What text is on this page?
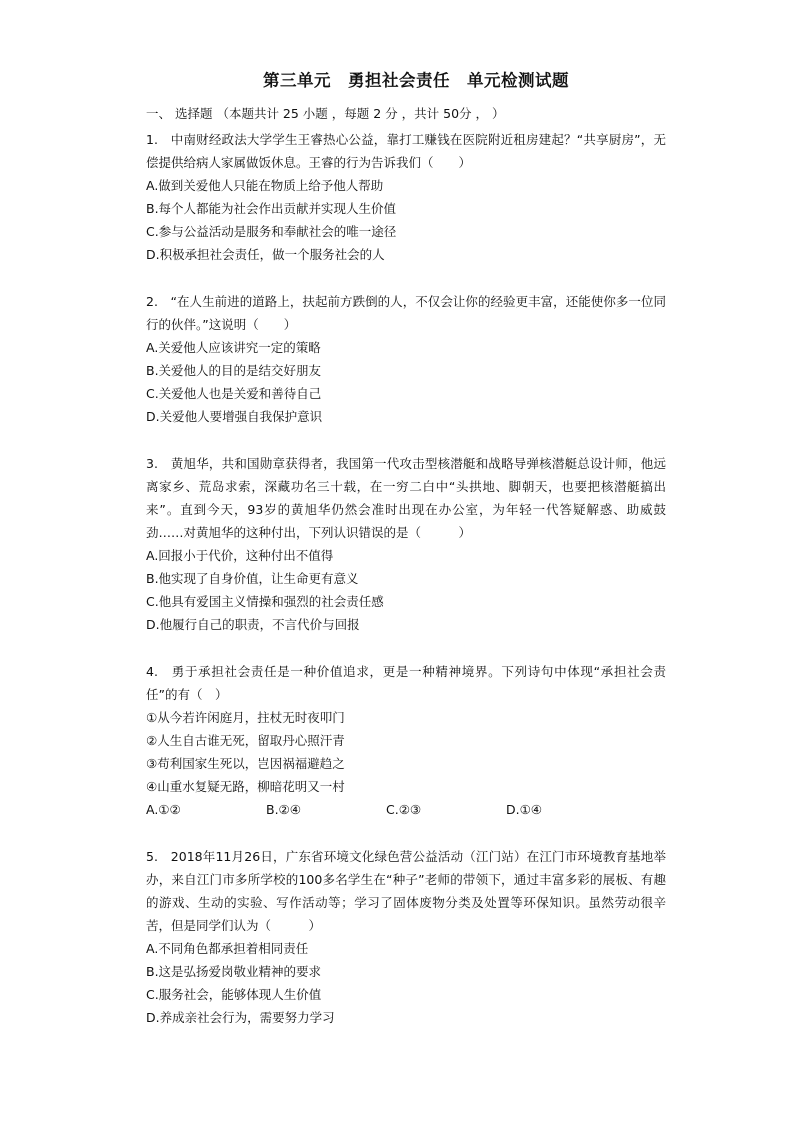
第三单元　勇担社会责任　单元检测试题
一、 选择题 （本题共计 25 小题 ，每题 2 分 ，共计 50分 ， ）

1.　中南财经政法大学学生王睿热心公益，靠打工赚钱在医院附近租房建起？“共享厨房”，无偿提供给病人家属做饭休息。王睿的行为告诉我们（　　）

A.做到关爱他人只能在物质上给予他人帮助
B.每个人都能为社会作出贡献并实现人生价值
C.参与公益活动是服务和奉献社会的唯一途径
D.积极承担社会责任，做一个服务社会的人

2.　“在人生前进的道路上，扶起前方跌倒的人，不仅会让你的经验更丰富，还能使你多一位同行的伙伴。”这说明（　　）

A.关爱他人应该讲究一定的策略
B.关爱他人的目的是结交好朋友
C.关爱他人也是关爱和善待自己
D.关爱他人要增强自我保护意识

3.　黄旭华，共和国勋章获得者，我国第一代攻击型核潜艇和战略导弹核潜艇总设计师，他远离家乡、荒岛求索，深藏功名三十载，在一穷二白中“头拱地、脚朝天，也要把核潜艇搞出来”。直到今天，93岁的黄旭华仍然会准时出现在办公室，为年轻一代答疑解惑、助威鼓劲……对黄旭华的这种付出，下列认识错误的是（　　　）

A.回报小于代价，这种付出不值得
B.他实现了自身价值，让生命更有意义
C.他具有爱国主义情操和强烈的社会责任感
D.他履行自己的职责，不言代价与回报

4.　勇于承担社会责任是一种价值追求，更是一种精神境界。下列诗句中体现“承担社会责任”的有（　）

①从今若许闲庭月，拄杖无时夜叩门
②人生自古谁无死，留取丹心照汗青
③苟利国家生死以，岂因祸福避趋之
④山重水复疑无路，柳暗花明又一村
A.①②	B.②④	C.②③	D.①④

5.　2018年11月26日，广东省环境文化绿色营公益活动（江门站）在江门市环境教育基地举办，来自江门市多所学校的100多名学生在“种子”老师的带领下，通过丰富多彩的展板、有趣的游戏、生动的实验、写作活动等；学习了固体废物分类及处置等环保知识。虽然劳动很辛苦，但是同学们认为（　　　）

A.不同角色都承担着相同责任
B.这是弘扬爱岗敬业精神的要求
C.服务社会，能够体现人生价值
D.养成亲社会行为，需要努力学习
